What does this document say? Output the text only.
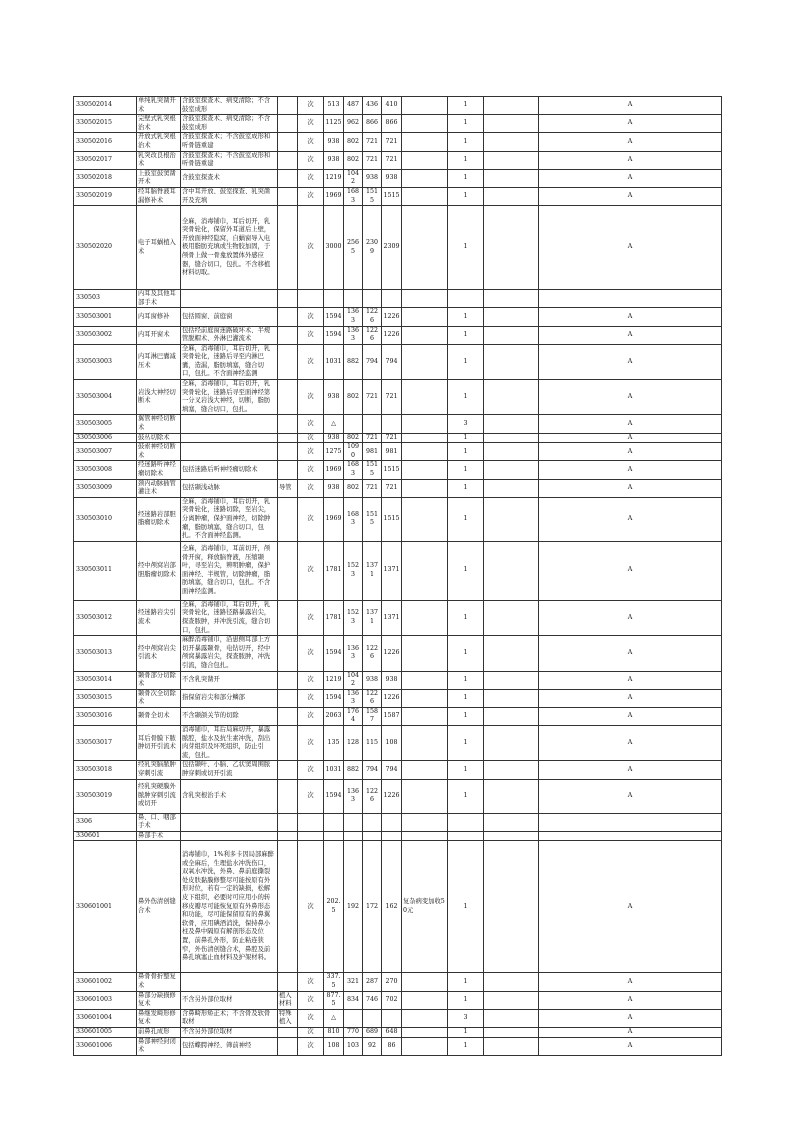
330502014	单纯乳突凿开术	含鼓室探查术、病变清除；不含鼓室成形		次	513	487	436	410		1		A
330502015	完壁式乳突根治术	含鼓室探查术、病变清除；不含鼓室成形		次	1125	962	866	866		1		A
330502016	开放式乳突根治术	含鼓室探查术；不含鼓室成形和听骨链重建		次	938	802	721	721		1		A
330502017	乳突改良根治术	含鼓室探查术；不含鼓室成形和听骨链重建		次	938	802	721	721		1		A
330502018	上鼓室鼓窦凿开术	含鼓室探查术		次	1219	1042	938	938		1		A
330502019	经耳脑脊液耳漏修补术	含中耳开放、鼓室探查、乳突凿开及充填		次	1969	1683	1515	1515		1		A
330502020	电子耳蜗植入术	全麻，消毒铺巾，耳后切开，乳突骨轮化，保留外耳道后上壁，开放面神经隐窝，自蜗窗导入电极用脂肪充填或生物胶加固，于颅骨上做一骨龛放置体外感应器，缝合切口，包扎。不含移植材料切取。		次	3000	2565	2309	2309		1		A
330503	内耳及其他耳部手术											
330503001	内耳窗修补	包括圆窗、前庭窗		次	1594	1363	1226	1226		1		A
330503002	内耳开窗术	包括经前庭窗迷路破坏术、半规管脱帽术、外淋巴灌流术		次	1594	1363	1226	1226		1		A
330503003	内耳淋巴囊减压术	全麻，消毒铺巾，耳后切开，乳突骨轮化，迷路后寻至内淋巴囊，造漏，脂肪填塞，缝合切口，包扎。不含面神经监测		次	1031	882	794	794		1		A
330503004	岩浅大神经切断术	全麻，消毒铺巾，耳后切开，乳突骨轮化，迷路后寻至面神经第一分叉岩浅大神经，切断，脂肪填塞，缝合切口，包扎。		次	938	802	721	721		1		A
330503005	翼管神经切断术			次	△					3		A
330503006	鼓丛切除术			次	938	802	721	721		1		A
330503007	鼓索神经切断术			次	1275	1090	981	981		1		A
330503008	经迷路听神经瘤切除术	包括迷路后听神经瘤切除术		次	1969	1683	1515	1515		1		A
330503009	颈内动脉插管灌注术	包括颞浅动脉	导管	次	938	802	721	721		1		A
330503010	经迷路岩部胆脂瘤切除术	全麻，消毒铺巾，耳后切开，乳突骨轮化，迷路切除，至岩尖，分离肿瘤，保护面神经，切除肿瘤，脂肪填塞，缝合切口，包扎。不含面神经监测。		次	1969	1683	1515	1515		1		A
330503011	经中颅窝岩部胆脂瘤切除术	全麻，消毒铺巾，耳前切开，颅骨开窗，释放脑脊液，压缩颞叶，寻至岩尖，辨明肿瘤，保护面神经、半规管，切除肿瘤，脂肪填塞，缝合切口，包扎。不含面神经监测。		次	1781	1523	1371	1371		1		A
330503012	经迷路岩尖引流术	全麻，消毒铺巾，耳后切开，乳突骨轮化，迷路径路暴露岩尖，探查脓肿，并冲洗引流，缝合切口，包扎。		次	1781	1523	1371	1371		1		A
330503013	经中颅窝岩尖引流术	麻醉消毒铺巾，沿患侧耳部上方切开暴露颞骨，电钻切开，经中颅窝暴露岩尖，探查脓肿，冲洗引流，缝合包扎。		次	1594	1363	1226	1226		1		A
330503014	颞骨部分切除术	不含乳突凿开		次	1219	1042	938	938		1		A
330503015	颞骨次全切除术	指保留岩尖和部分鳞部		次	1594	1363	1226	1226		1		A
330503016	颞骨全切术	不含颞颌关节的切除		次	2063	1764	1587	1587		1		A
330503017	耳后骨膜下脓肿切开引流术	消毒铺巾，耳后局麻切开，暴露脓腔，盐水及抗生素冲洗，刮出肉芽组织及坏死组织，防止引流，包扎。		次	135	128	115	108		1		A
330503018	经乳突脑脓肿穿刺引流	包括颞叶、小脑、乙状窦周围脓肿穿刺或切开引流		次	1031	882	794	794		1		A
330503019	经乳突硬膜外脓肿穿刺引流或切开	含乳突根治手术		次	1594	1363	1226	1226		1		A
3306	鼻、口、咽部手术											
330601	鼻部手术											
330601001	鼻外伤清创缝合术	消毒铺巾，1%利多卡因局部麻醉或全麻后，生理盐水冲洗伤口，双氧水冲洗，外鼻、鼻前庭撕裂处皮肤黏膜修整尽可能按原有外形对位，若有一定的缺损，松解皮下组织，必要时可应用小的转移皮瓣尽可能恢复原有外鼻形态和功能，尽可能保留原有的鼻翼软骨，应用碘酒消洗，保持鼻小柱及鼻中隔原有解剖形态及位置，前鼻孔外形，防止粘连狭窄，外伤清创缝合术，鼻腔及前鼻孔填塞止血材料及护架材料。		次	202.5	192	172	162	复杂病变加收50元	1		A
330601002	鼻骨骨折整复术			次	337.5	321	287	270		1		A
330601003	鼻部分缺损修复术	不含另外部位取材	植入材料	次	877.5	834	746	702		1		A
330601004	鼻继发畸形修复术	含鼻畸形矫正术；不含骨及软骨取材	特殊植入	次	△					3		A
330601005	前鼻孔成形	不含另外部位取材		次	810	770	689	648		1		A
330601006	鼻部神经封闭术	包括蝶腭神经、筛前神经		次	108	103	92	86		1		A
